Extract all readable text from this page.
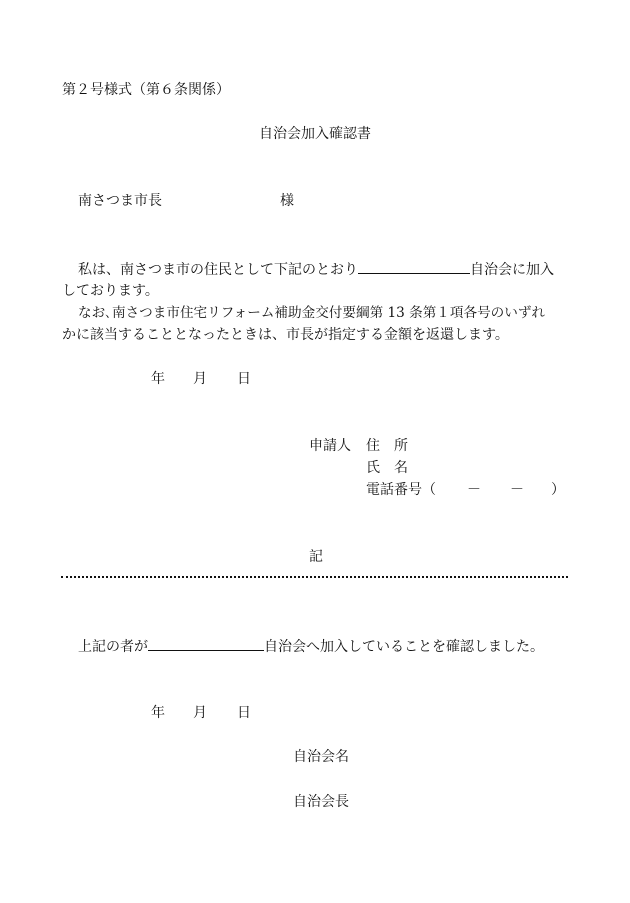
第２号様式（第６条関係）
自治会加入確認書
南さつま市長	様
私は、南さつま市の住民として下記のとおり	自治会に加入
しております。
なお､南さつま市住宅リフォーム補助金交付要綱第 13 条第１項各号のいずれ
かに該当することとなったときは、市長が指定する金額を返還します。
年 月 日
申請人 住　所
氏　名
電話番号（ － － ）
記
上記の者が	自治会へ加入していることを確認しました。
年 月 日
自治会名
自治会長
